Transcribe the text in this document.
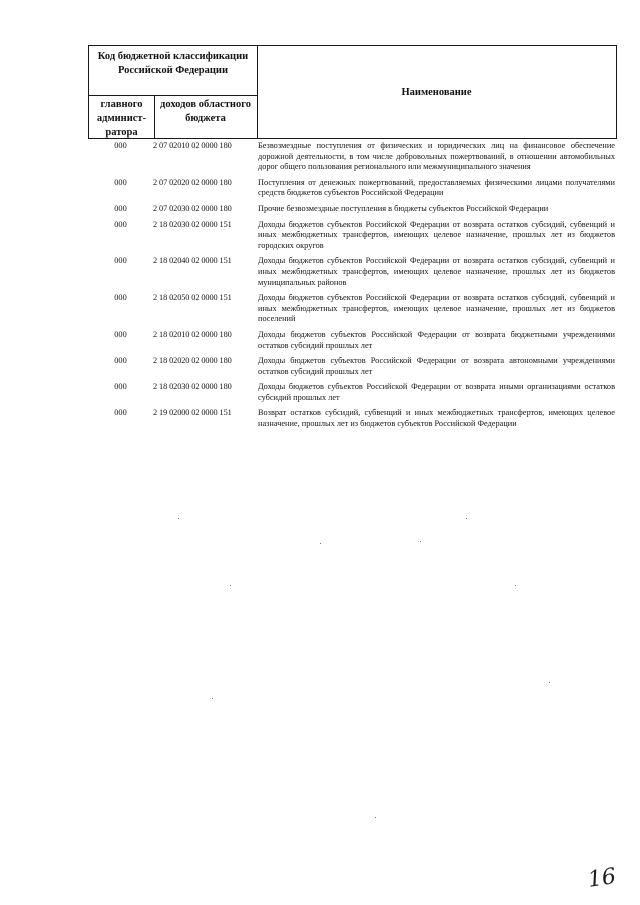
Код бюджетной классификации Российской Федерации
Наименование
главного админист-ратора
доходов областного бюджета
000	2 07 02010 02 0000 180	Безвозмездные поступления от физических и юридических лиц на финансовое обеспечение дорожной деятельности, в том числе добровольных пожертвований, в отношении автомобильных дорог общего пользования регионального или межмуниципального значения
000	2 07 02020 02 0000 180	Поступления от денежных пожертвований, предоставляемых физическими лицами получателями средств бюджетов субъектов Российской Федерации
000	2 07 02030 02 0000 180	Прочие безвозмездные поступления в бюджеты субъектов Российской Федерации
000	2 18 02030 02 0000 151	Доходы бюджетов субъектов Российской Федерации от возврата остатков субсидий, субвенций и иных межбюджетных трансфертов, имеющих целевое назначение, прошлых лет из бюджетов городских округов
000	2 18 02040 02 0000 151	Доходы бюджетов субъектов Российской Федерации от возврата остатков субсидий, субвенций и иных межбюджетных трансфертов, имеющих целевое назначение, прошлых лет из бюджетов муниципальных районов
000	2 18 02050 02 0000 151	Доходы бюджетов субъектов Российской Федерации от возврата остатков субсидий, субвенций и иных межбюджетных трансфертов, имеющих целевое назначение, прошлых лет из бюджетов поселений
000	2 18 02010 02 0000 180	Доходы бюджетов субъектов Российской Федерации от возврата бюджетными учреждениями остатков субсидий прошлых лет
000	2 18 02020 02 0000 180	Доходы бюджетов субъектов Российской Федерации от возврата автономными учреждениями остатков субсидий прошлых лет
000	2 18 02030 02 0000 180	Доходы бюджетов субъектов Российской Федерации от возврата иными организациями остатков субсидий прошлых лет
000	2 19 02000 02 0000 151	Возврат остатков субсидий, субвенций и иных межбюджетных трансфертов, имеющих целевое назначение, прошлых лет из бюджетов субъектов Российской Федерации
16
